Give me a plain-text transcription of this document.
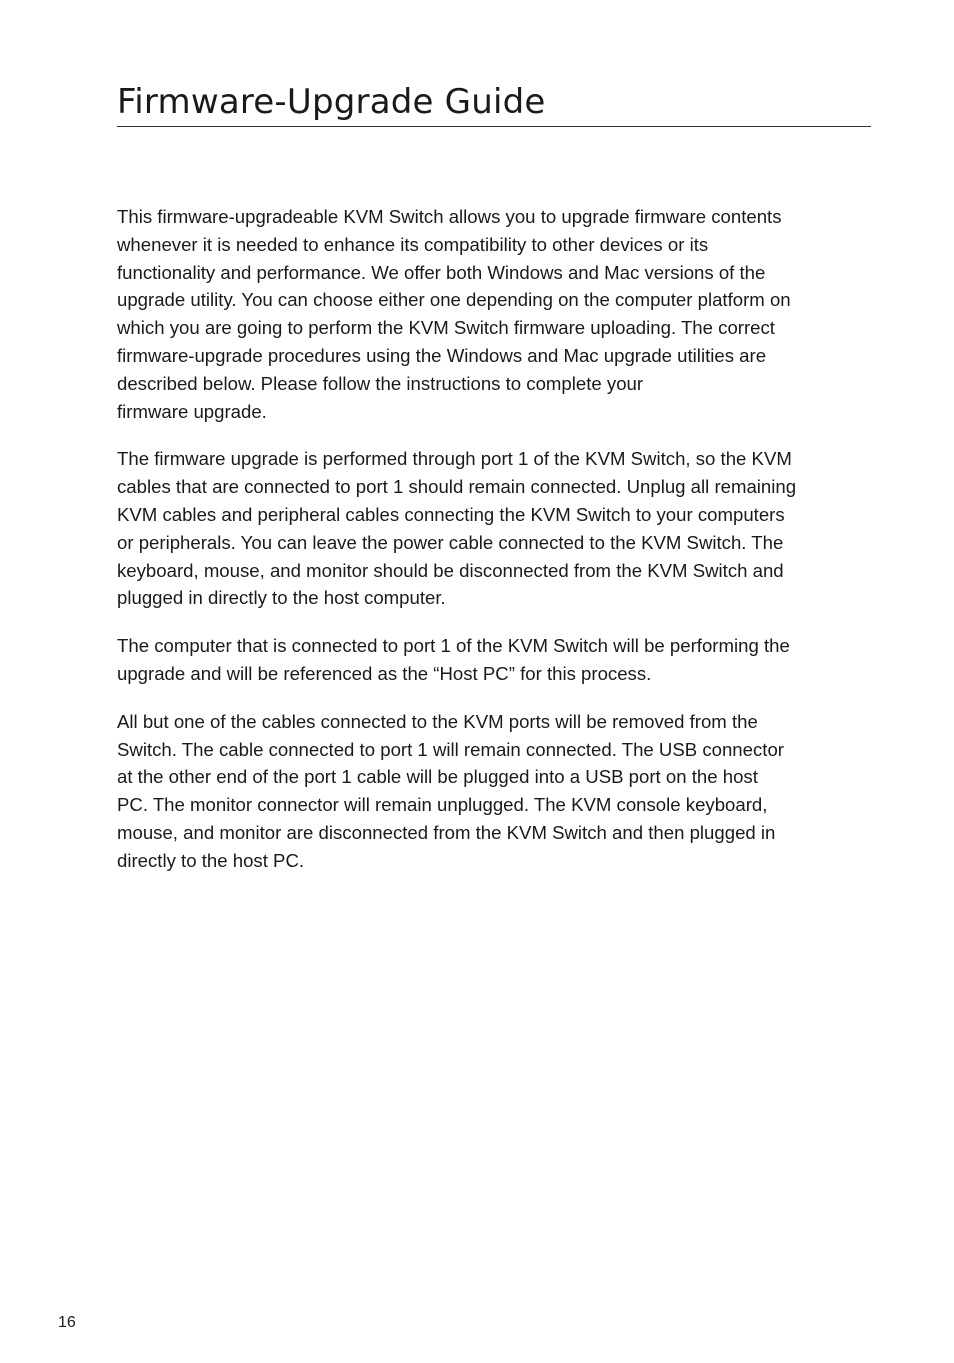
Firmware-Upgrade Guide

This firmware-upgradeable KVM Switch allows you to upgrade firmware contents
whenever it is needed to enhance its compatibility to other devices or its
functionality and performance. We offer both Windows and Mac versions of the
upgrade utility. You can choose either one depending on the computer platform on
which you are going to perform the KVM Switch firmware uploading. The correct
firmware-upgrade procedures using the Windows and Mac upgrade utilities are
described below. Please follow the instructions to complete your
firmware upgrade.

The firmware upgrade is performed through port 1 of the KVM Switch, so the KVM
cables that are connected to port 1 should remain connected. Unplug all remaining
KVM cables and peripheral cables connecting the KVM Switch to your computers
or peripherals. You can leave the power cable connected to the KVM Switch. The
keyboard, mouse, and monitor should be disconnected from the KVM Switch and
plugged in directly to the host computer.

The computer that is connected to port 1 of the KVM Switch will be performing the
upgrade and will be referenced as the “Host PC” for this process.

All but one of the cables connected to the KVM ports will be removed from the
Switch. The cable connected to port 1 will remain connected. The USB connector
at the other end of the port 1 cable will be plugged into a USB port on the host
PC. The monitor connector will remain unplugged. The KVM console keyboard,
mouse, and monitor are disconnected from the KVM Switch and then plugged in
directly to the host PC.

16
